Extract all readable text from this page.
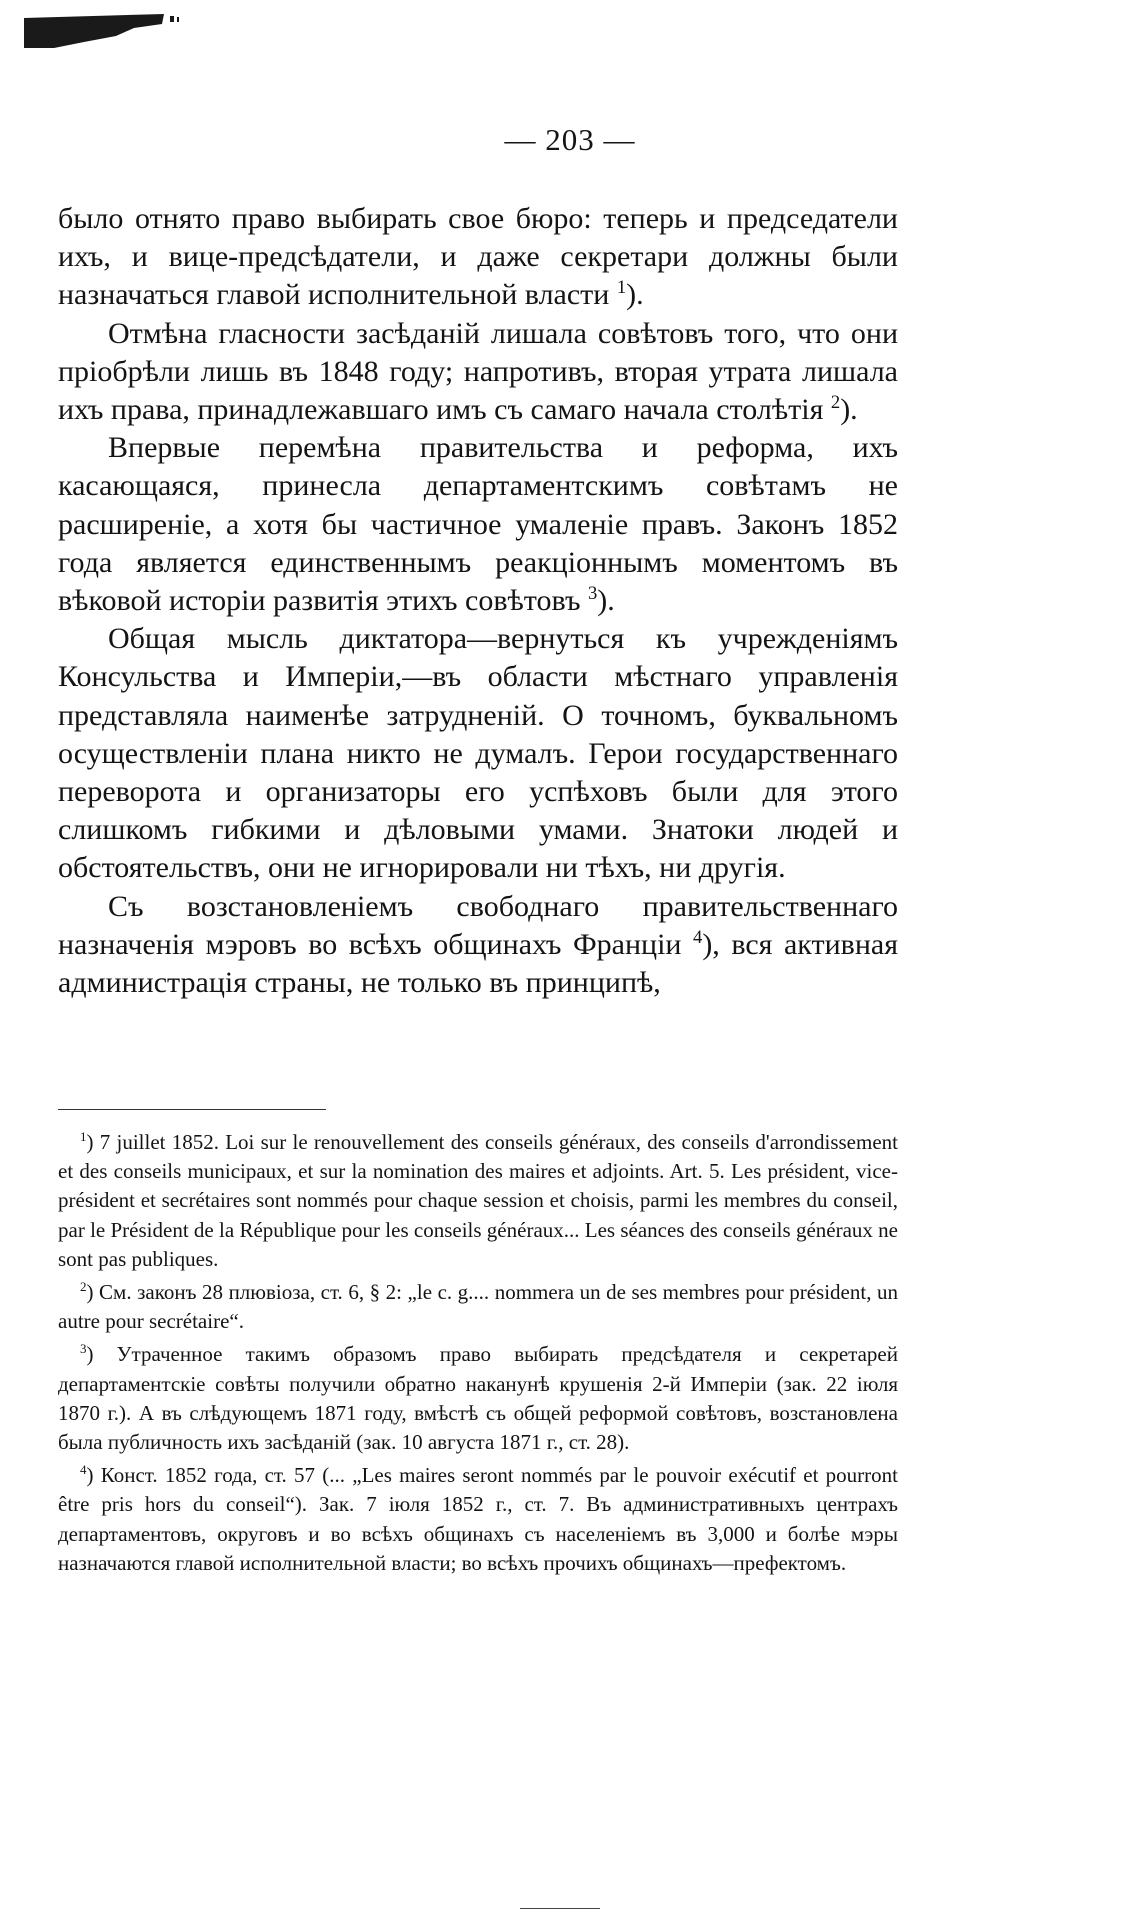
— 203 —

было отнято право выбирать свое бюро: теперь и председатели ихъ, и вице-предсѣдатели, и даже секретари должны были назначаться главой исполнительной власти $^1$).

Отмѣна гласности засѣданій лишала совѣтовъ того, что они пріобрѣли лишь въ 1848 году; напротивъ, вторая утрата лишала ихъ права, принадлежавшаго имъ съ самаго начала столѣтія $^2$).

Впервые перемѣна правительства и реформа, ихъ касающаяся, принесла департаментскимъ совѣтамъ не расширеніе, а хотя бы частичное умаленіе правъ. Законъ 1852 года является единственнымъ реакціоннымъ моментомъ въ вѣковой исторіи развитія этихъ совѣтовъ $^3$).

Общая мысль диктатора—вернуться къ учрежденіямъ Консульства и Имперіи,—въ области мѣстнаго управленія представляла наименѣе затрудненій. О точномъ, буквальномъ осуществленіи плана никто не думалъ. Герои государственнаго переворота и организаторы его успѣховъ были для этого слишкомъ гибкими и дѣловыми умами. Знатоки людей и обстоятельствъ, они не игнорировали ни тѣхъ, ни другія.

Съ возстановленіемъ свободнаго правительственнаго назначенія мэровъ во всѣхъ общинахъ Франціи $^4$), вся активная администрація страны, не только въ принципѣ,

$^1$) 7 juillet 1852. Loi sur le renouvellement des conseils généraux, des conseils d'arrondissement et des conseils municipaux, et sur la nomination des maires et adjoints. Art. 5. Les président, vice-président et secrétaires sont nommés pour chaque session et choisis, parmi les membres du conseil, par le Président de la République pour les conseils généraux... Les séances des conseils généraux ne sont pas publiques.

$^2$) См. законъ 28 плювіоза, ст. 6, § 2: „le c. g.... nommera un de ses membres pour président, un autre pour secrétaire“.

$^3$) Утраченное такимъ образомъ право выбирать предсѣдателя и секретарей департаментскіе совѣты получили обратно наканунѣ крушенія 2-й Имперіи (зак. 22 іюля 1870 г.). А въ слѣдующемъ 1871 году, вмѣстѣ съ общей реформой совѣтовъ, возстановлена была публичность ихъ засѣданій (зак. 10 августа 1871 г., ст. 28).

$^4$) Конст. 1852 года, ст. 57 (... „Les maires seront nommés par le pouvoir exécutif et pourront être pris hors du conseil“). Зак. 7 іюля 1852 г., ст. 7. Въ административныхъ центрахъ департаментовъ, округовъ и во всѣхъ общинахъ съ населеніемъ въ 3,000 и болѣе мэры назначаются главой исполнительной власти; во всѣхъ прочихъ общинахъ—префектомъ.
